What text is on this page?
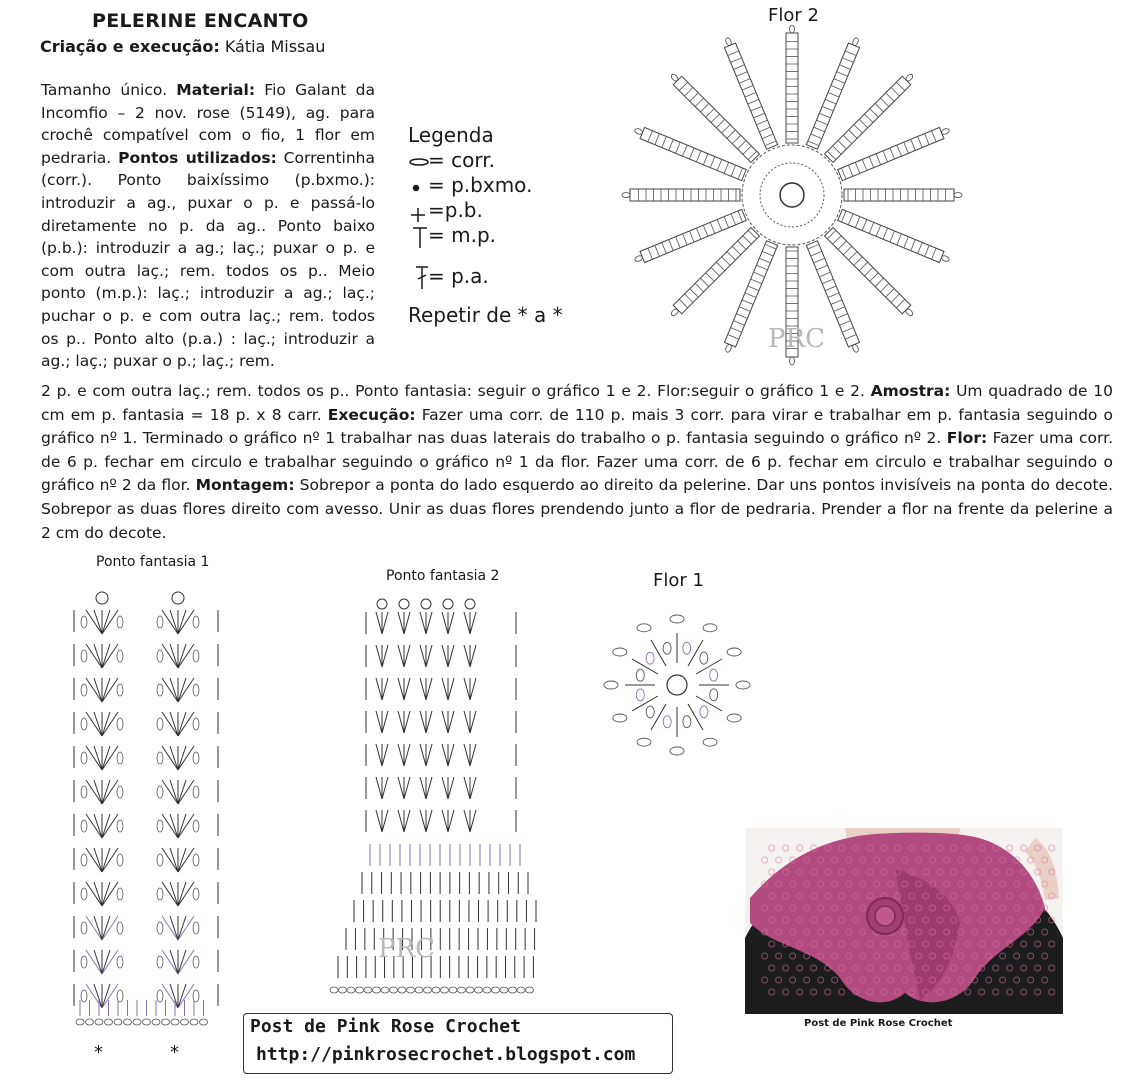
PELERINE ENCANTO
Criação e execução: Kátia Missau

Tamanho único. Material: Fio Galant da Incomfio – 2 nov. rose (5149), ag. para crochê compatível com o fio, 1 flor em pedraria. Pontos utilizados: Correntinha (corr.). Ponto baixíssimo (p.bxmo.): introduzir a ag., puxar o p. e passá-lo diretamente no p. da ag.. Ponto baixo (p.b.): introduzir a ag.; laç.; puxar o p. e com outra laç.; rem. todos os p.. Meio ponto (m.p.): laç.; introduzir a ag.; laç.; puchar o p. e com outra laç.; rem. todos os p.. Ponto alto (p.a.) : laç.; introduzir a ag.; laç.; puxar o p.; laç.; rem.

Legenda
= corr.
= p.bxmo.
=p.b.
= m.p.
= p.a.
Repetir de * a *
Flor 2
PRC

2 p. e com outra laç.; rem. todos os p.. Ponto fantasia: seguir o gráfico 1 e 2. Flor:seguir o gráfico 1 e 2. Amostra: Um quadrado de 10 cm em p. fantasia = 18 p. x 8 carr. Execução: Fazer uma corr. de 110 p. mais 3 corr. para virar e trabalhar em p. fantasia seguindo o gráfico nº 1. Terminado o gráfico nº 1 trabalhar nas duas laterais do trabalho o p. fantasia seguindo o gráfico nº 2. Flor: Fazer uma corr. de 6 p. fechar em circulo e trabalhar seguindo o gráfico nº 1 da flor. Fazer uma corr. de 6 p. fechar em circulo e trabalhar seguindo o gráfico nº 2 da flor. Montagem: Sobrepor a ponta do lado esquerdo ao direito da pelerine. Dar uns pontos invisíveis na ponta do decote. Sobrepor as duas flores direito com avesso. Unir as duas flores prendendo junto a flor de pedraria. Prender a flor na frente da pelerine a 2 cm do decote.

Ponto fantasia 1
*	*
Ponto fantasia 2
PRC
Flor 1
Post de Pink Rose Crochet
Post de Pink Rose Crochet
http://pinkrosecrochet.blogspot.com
